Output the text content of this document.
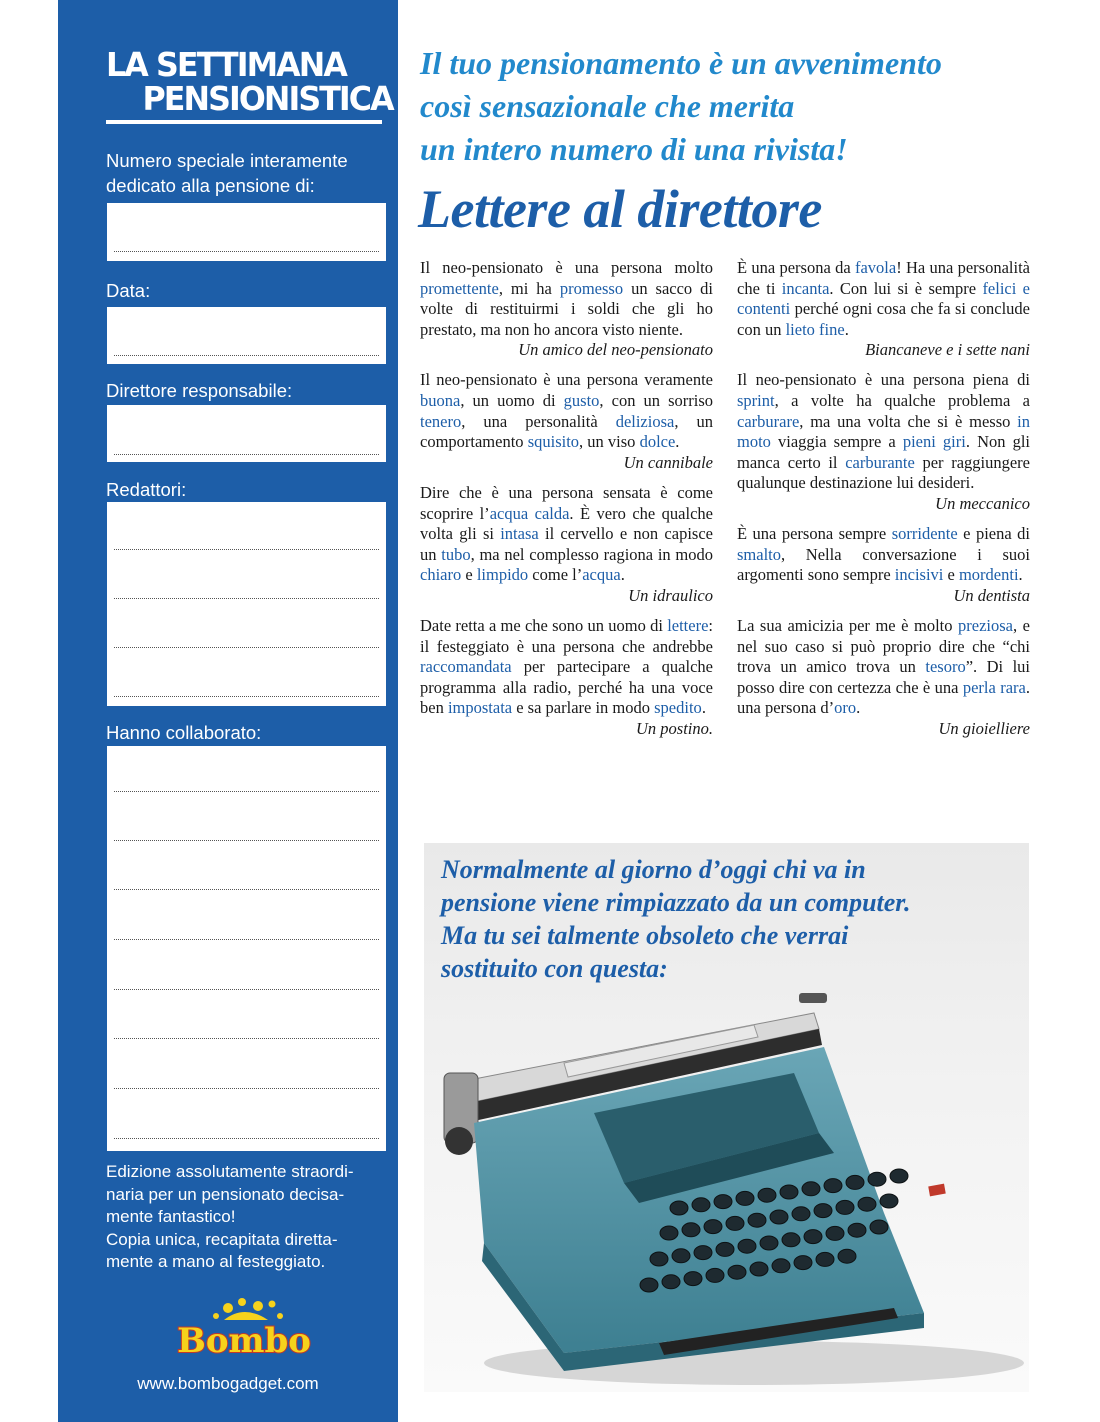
LA SETTIMANA
PENSIONISTICA
Numero speciale interamente
dedicato alla pensione di:
Data:
Direttore responsabile:
Redattori:
Hanno collaborato:
Edizione assolutamente straordi-
naria per un pensionato decisa-
mente fantastico!
Copia unica, recapitata diretta-
mente a mano al festeggiato.
Bombo
www.bombogadget.com
Il tuo pensionamento è un avvenimento
così sensazionale che merita
un intero numero di una rivista!
Lettere al direttore

Il neo-pensionato è una persona molto promettente, mi ha promesso un sacco di volte di restituirmi i soldi che gli ho prestato, ma non ho ancora visto niente.

Un amico del neo-pensionato

Il neo-pensionato è una persona veramente buona, un uomo di gusto, con un sorriso tenero, una personalità deliziosa, un comportamento squisito, un viso dolce.

Un cannibale

Dire che è una persona sensata è come scoprire l’acqua calda. È vero che qualche volta gli si intasa il cervello e non capisce un tubo, ma nel complesso ragiona in modo chiaro e limpido come l’acqua.

Un idraulico

Date retta a me che sono un uomo di lettere: il festeggiato è una persona che andrebbe raccomandata per partecipare a qualche programma alla radio, perché ha una voce ben impostata e sa parlare in modo spedito.

Un postino.

È una persona da favola! Ha una personalità che ti incanta. Con lui si è sempre felici e contenti perché ogni cosa che fa si conclude con un lieto fine.

Biancaneve e i sette nani

Il neo-pensionato è una persona piena di sprint, a volte ha qualche problema a carburare, ma una volta che si è messo in moto viaggia sempre a pieni giri. Non gli manca certo il carburante per raggiungere qualunque destinazione lui desideri.

Un meccanico

È una persona sempre sorridente e piena di smalto, Nella conversazione i suoi argomenti sono sempre incisivi e mordenti.

Un dentista

La sua amicizia per me è molto preziosa, e nel suo caso si può proprio dire che “chi trova un amico trova un tesoro”. Di lui posso dire con certezza che è una perla rara. una persona d’oro.

Un gioielliere
Normalmente al giorno d’oggi chi va in
pensione viene rimpiazzato da un computer.
Ma tu sei talmente obsoleto che verrai
sostituito con questa:
